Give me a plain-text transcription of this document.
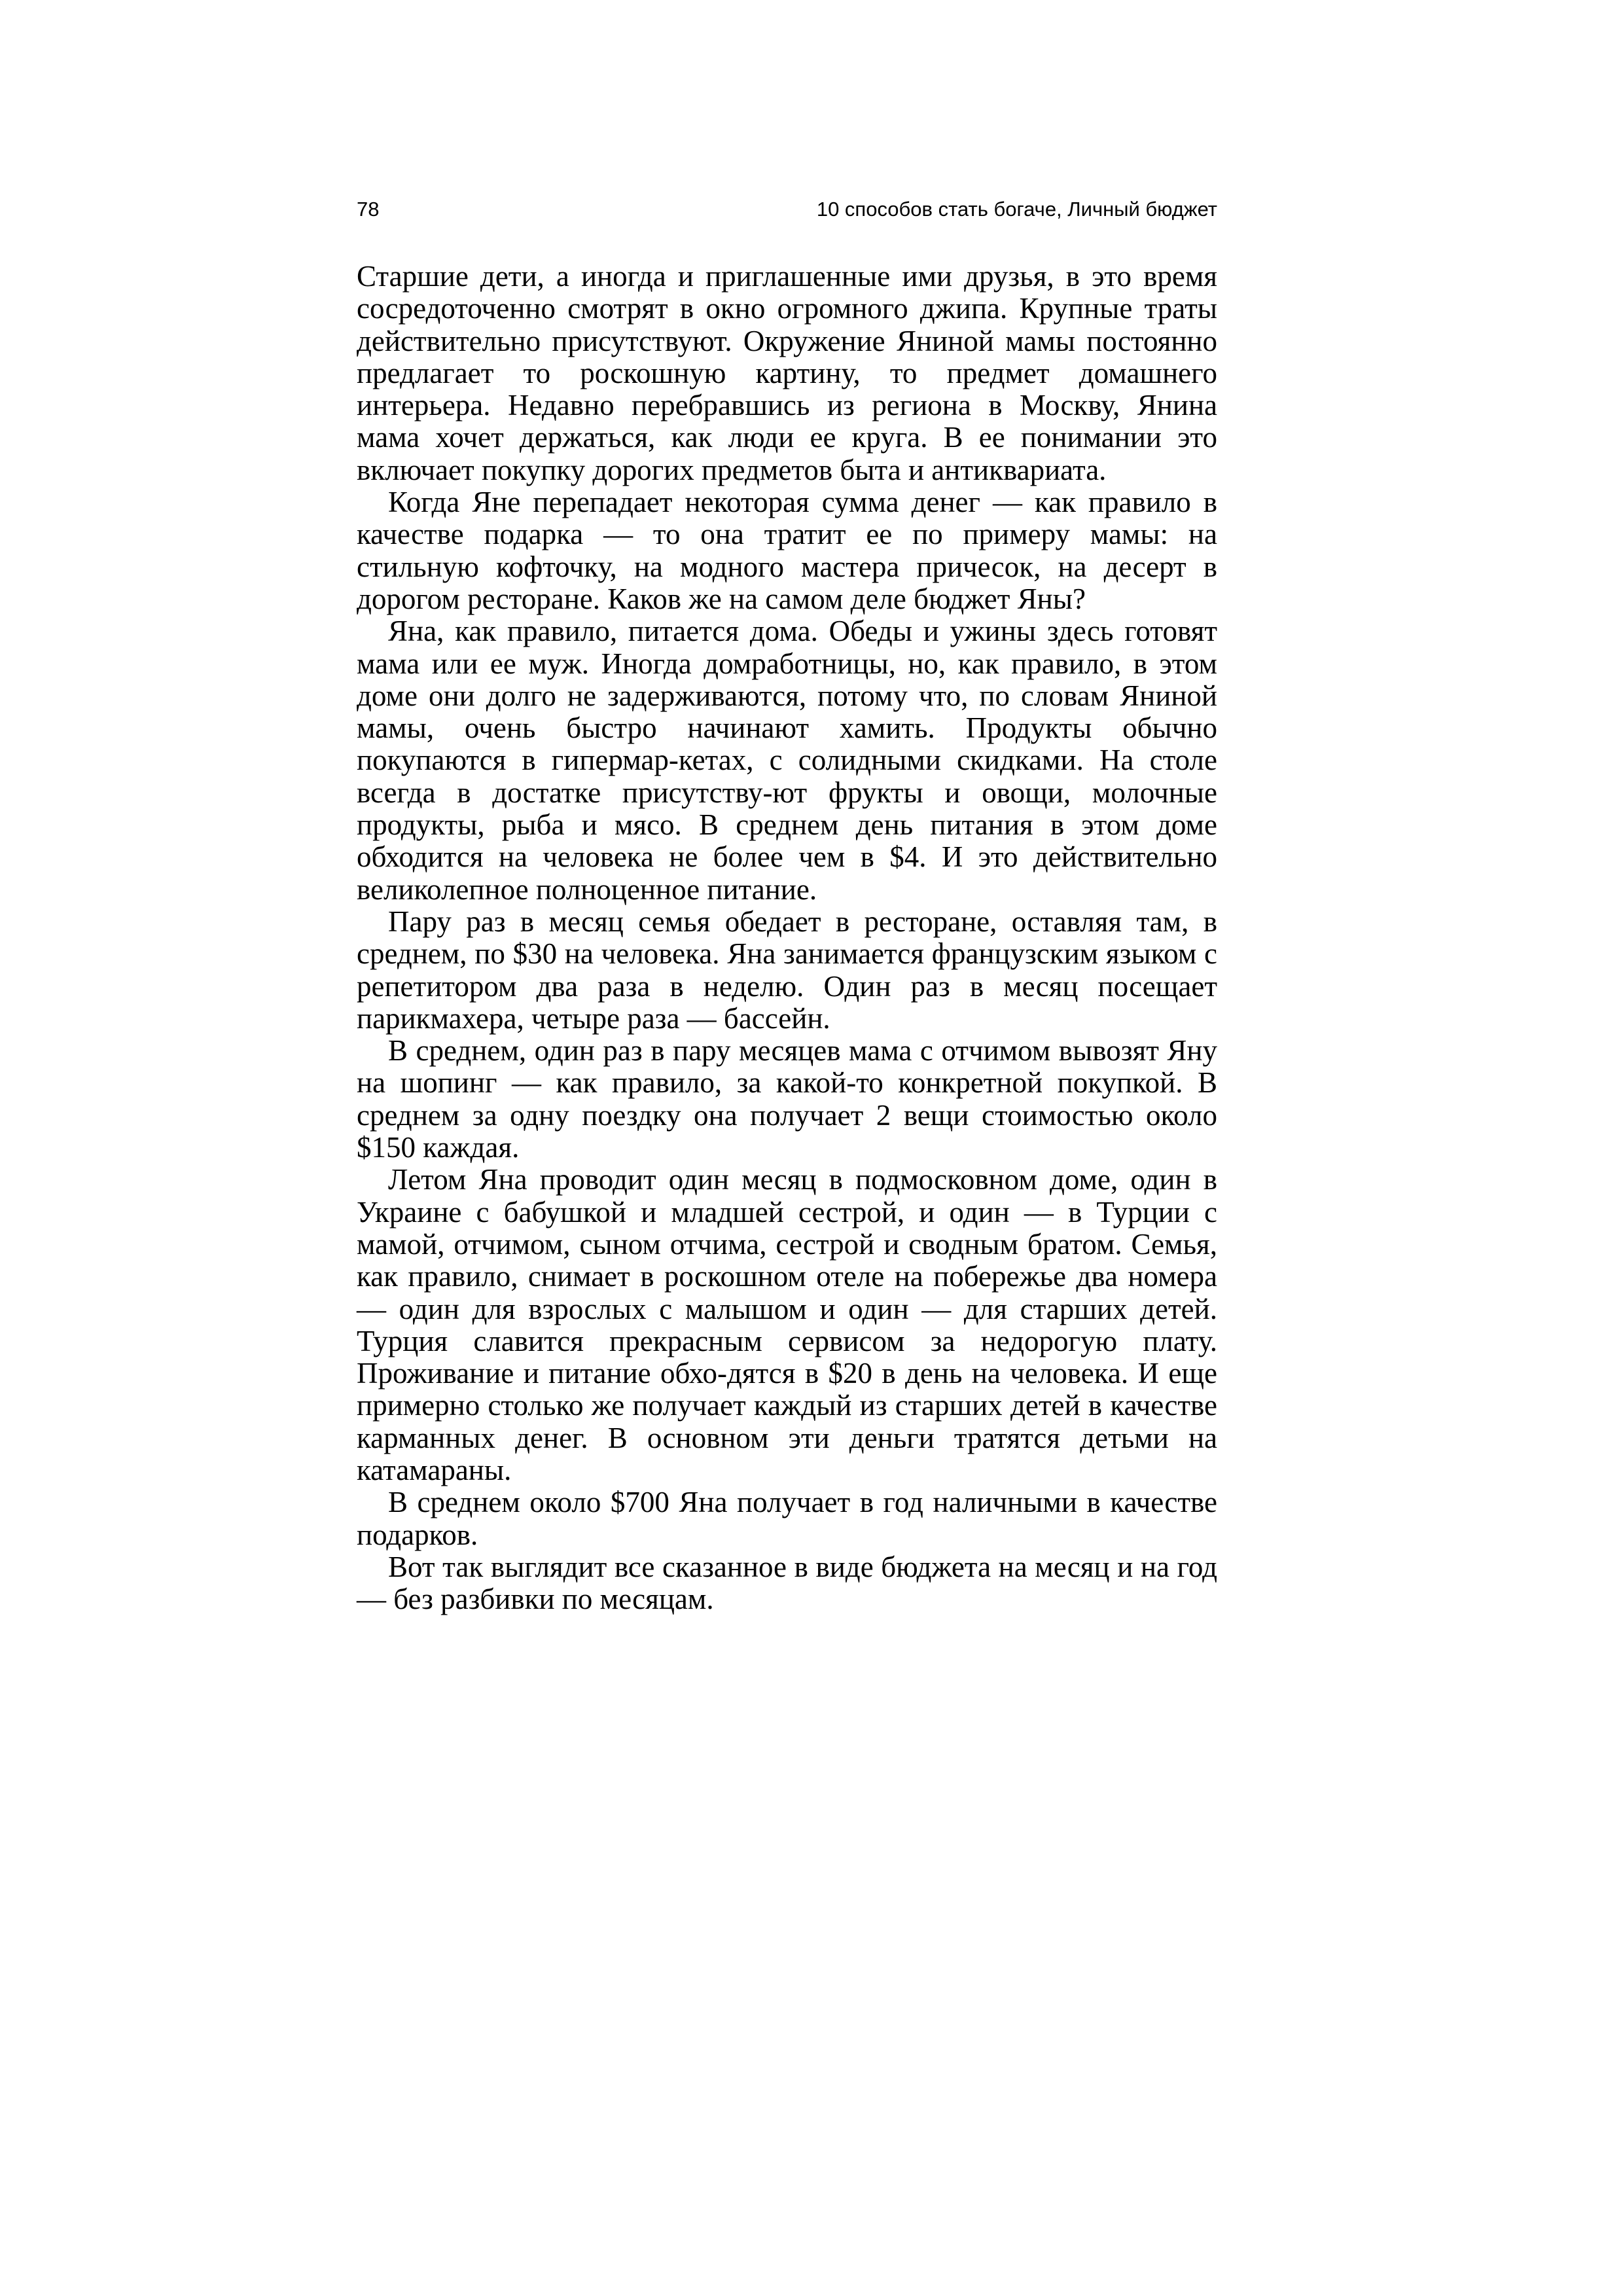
78	10 способов стать богаче, Личный бюджет

Старшие дети, а иногда и приглашенные ими друзья, в это время сосредоточенно смотрят в окно огромного джипа. Крупные траты действительно присутствуют. Окружение Яниной мамы постоянно предлагает то роскошную картину, то предмет домашнего интерьера. Недавно перебравшись из региона в Москву, Янина мама хочет держаться, как люди ее круга. В ее понимании это включает покупку дорогих предметов быта и антиквариата.

Когда Яне перепадает некоторая сумма денег — как правило в качестве подарка — то она тратит ее по примеру мамы: на стильную кофточку, на модного мастера причесок, на десерт в дорогом ресторане. Каков же на самом деле бюджет Яны?

Яна, как правило, питается дома. Обеды и ужины здесь готовят мама или ее муж. Иногда домработницы, но, как правило, в этом доме они долго не задерживаются, потому что, по словам Яниной мамы, очень быстро начинают хамить. Продукты обычно покупаются в гипермар-кетах, с солидными скидками. На столе всегда в достатке присутству-ют фрукты и овощи, молочные продукты, рыба и мясо. В среднем день питания в этом доме обходится на человека не более чем в $4. И это действительно великолепное полноценное питание.

Пару раз в месяц семья обедает в ресторане, оставляя там, в среднем, по $30 на человека. Яна занимается французским языком с репетитором два раза в неделю. Один раз в месяц посещает парикмахера, четыре раза — бассейн.

В среднем, один раз в пару месяцев мама с отчимом вывозят Яну на шопинг — как правило, за какой-то конкретной покупкой. В среднем за одну поездку она получает 2 вещи стоимостью около $150 каждая.

Летом Яна проводит один месяц в подмосковном доме, один в Украине с бабушкой и младшей сестрой, и один — в Турции с мамой, отчимом, сыном отчима, сестрой и сводным братом. Семья, как правило, снимает в роскошном отеле на побережье два номера — один для взрослых с малышом и один — для старших детей. Турция славится прекрасным сервисом за недорогую плату. Проживание и питание обхо-дятся в $20 в день на человека. И еще примерно столько же получает каждый из старших детей в качестве карманных денег. В основном эти деньги тратятся детьми на катамараны.

В среднем около $700 Яна получает в год наличными в качестве подарков.

Вот так выглядит все сказанное в виде бюджета на месяц и на год — без разбивки по месяцам.
